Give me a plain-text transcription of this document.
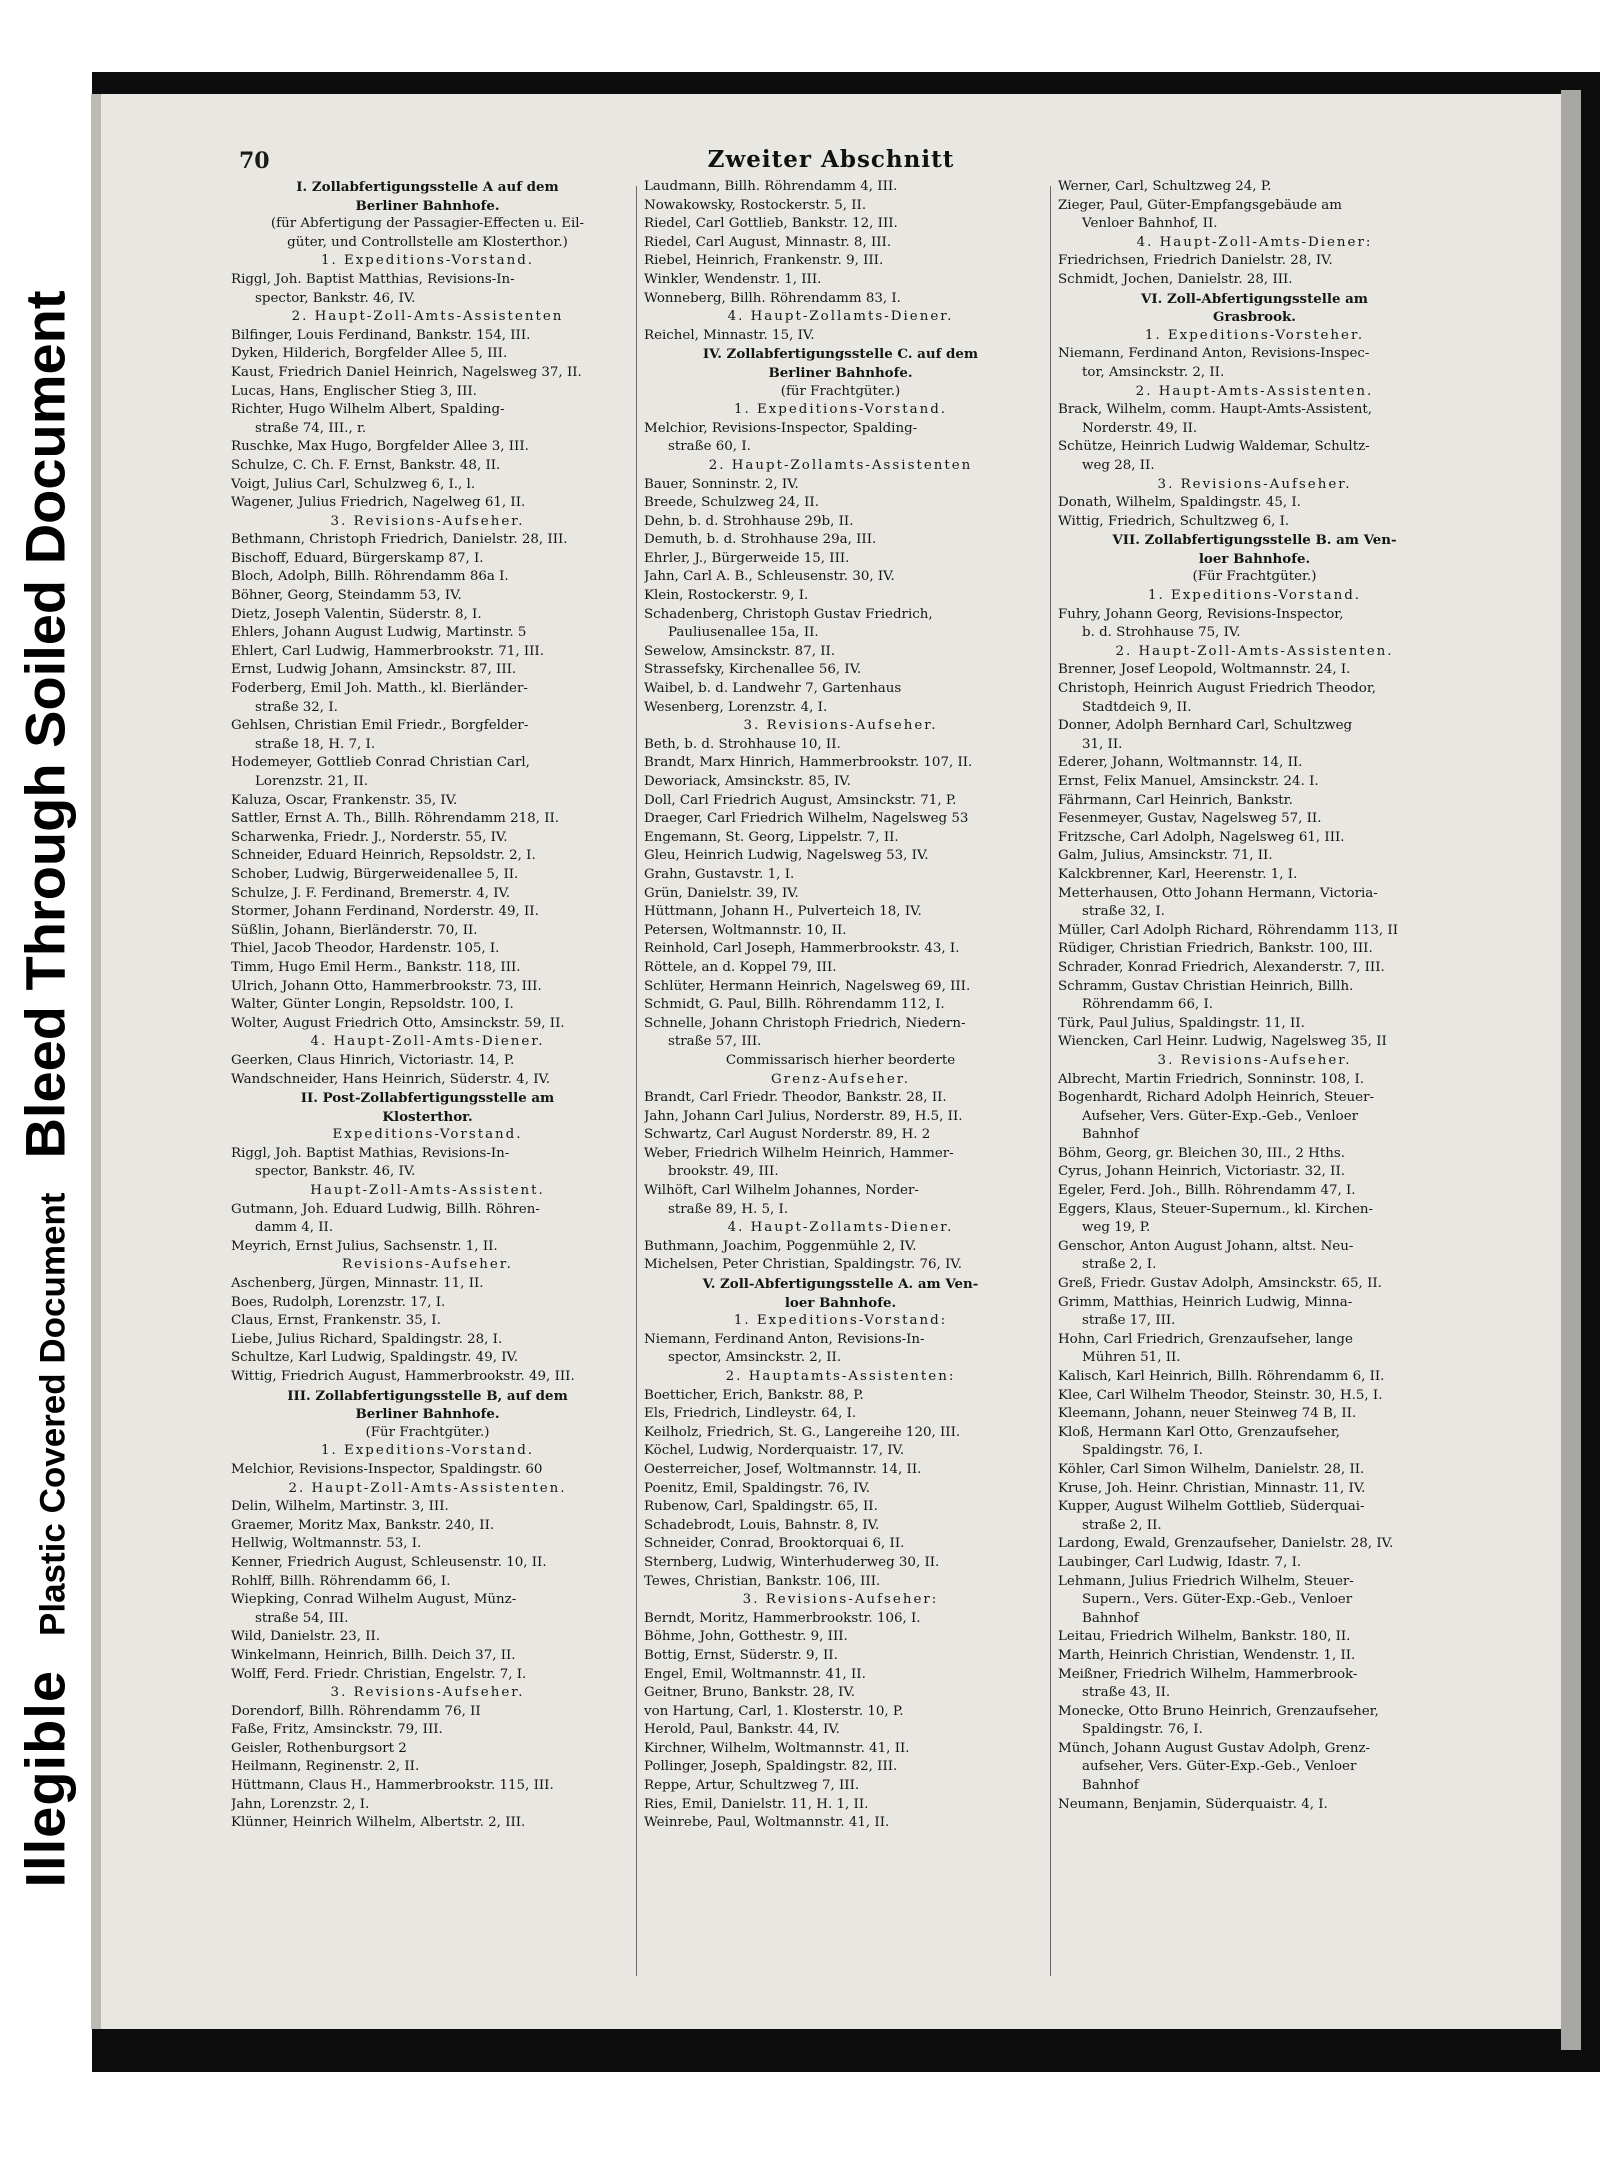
Illegible
Plastic Covered Document
Bleed Through Soiled Document
70	Zweiter Abschnitt
I. Zollabfertigungsstelle A auf dem
Berliner Bahnhofe.
(für Abfertigung der Passagier-Effecten u. Eil-
güter, und Controllstelle am Klosterthor.)
1. Expeditions-Vorstand.
Riggl, Joh. Baptist Matthias, Revisions-In-
spector, Bankstr. 46, IV.
2. Haupt-Zoll-Amts-Assistenten
Bilfinger, Louis Ferdinand, Bankstr. 154, III.
Dyken, Hilderich, Borgfelder Allee 5, III.
Kaust, Friedrich Daniel Heinrich, Nagelsweg 37, II.
Lucas, Hans, Englischer Stieg 3, III.
Richter, Hugo Wilhelm Albert, Spalding-
straße 74, III., r.
Ruschke, Max Hugo, Borgfelder Allee 3, III.
Schulze, C. Ch. F. Ernst, Bankstr. 48, II.
Voigt, Julius Carl, Schulzweg 6, I., l.
Wagener, Julius Friedrich, Nagelweg 61, II.
3. Revisions-Aufseher.
Bethmann, Christoph Friedrich, Danielstr. 28, III.
Bischoff, Eduard, Bürgerskamp 87, I.
Bloch, Adolph, Billh. Röhrendamm 86a I.
Böhner, Georg, Steindamm 53, IV.
Dietz, Joseph Valentin, Süderstr. 8, I.
Ehlers, Johann August Ludwig, Martinstr. 5
Ehlert, Carl Ludwig, Hammerbrookstr. 71, III.
Ernst, Ludwig Johann, Amsinckstr. 87, III.
Foderberg, Emil Joh. Matth., kl. Bierländer-
straße 32, I.
Gehlsen, Christian Emil Friedr., Borgfelder-
straße 18, H. 7, I.
Hodemeyer, Gottlieb Conrad Christian Carl,
Lorenzstr. 21, II.
Kaluza, Oscar, Frankenstr. 35, IV.
Sattler, Ernst A. Th., Billh. Röhrendamm 218, II.
Scharwenka, Friedr. J., Norderstr. 55, IV.
Schneider, Eduard Heinrich, Repsoldstr. 2, I.
Schober, Ludwig, Bürgerweidenallee 5, II.
Schulze, J. F. Ferdinand, Bremerstr. 4, IV.
Stormer, Johann Ferdinand, Norderstr. 49, II.
Süßlin, Johann, Bierländerstr. 70, II.
Thiel, Jacob Theodor, Hardenstr. 105, I.
Timm, Hugo Emil Herm., Bankstr. 118, III.
Ulrich, Johann Otto, Hammerbrookstr. 73, III.
Walter, Günter Longin, Repsoldstr. 100, I.
Wolter, August Friedrich Otto, Amsinckstr. 59, II.
4. Haupt-Zoll-Amts-Diener.
Geerken, Claus Hinrich, Victoriastr. 14, P.
Wandschneider, Hans Heinrich, Süderstr. 4, IV.
II. Post-Zollabfertigungsstelle am
Klosterthor.
Expeditions-Vorstand.
Riggl, Joh. Baptist Mathias, Revisions-In-
spector, Bankstr. 46, IV.
Haupt-Zoll-Amts-Assistent.
Gutmann, Joh. Eduard Ludwig, Billh. Röhren-
damm 4, II.
Meyrich, Ernst Julius, Sachsenstr. 1, II.
Revisions-Aufseher.
Aschenberg, Jürgen, Minnastr. 11, II.
Boes, Rudolph, Lorenzstr. 17, I.
Claus, Ernst, Frankenstr. 35, I.
Liebe, Julius Richard, Spaldingstr. 28, I.
Schultze, Karl Ludwig, Spaldingstr. 49, IV.
Wittig, Friedrich August, Hammerbrookstr. 49, III.
III. Zollabfertigungsstelle B, auf dem
Berliner Bahnhofe.
(Für Frachtgüter.)
1. Expeditions-Vorstand.
Melchior, Revisions-Inspector, Spaldingstr. 60
2. Haupt-Zoll-Amts-Assistenten.
Delin, Wilhelm, Martinstr. 3, III.
Graemer, Moritz Max, Bankstr. 240, II.
Hellwig, Woltmannstr. 53, I.
Kenner, Friedrich August, Schleusenstr. 10, II.
Rohlff, Billh. Röhrendamm 66, I.
Wiepking, Conrad Wilhelm August, Münz-
straße 54, III.
Wild, Danielstr. 23, II.
Winkelmann, Heinrich, Billh. Deich 37, II.
Wolff, Ferd. Friedr. Christian, Engelstr. 7, I.
3. Revisions-Aufseher.
Dorendorf, Billh. Röhrendamm 76, II
Faße, Fritz, Amsinckstr. 79, III.
Geisler, Rothenburgsort 2
Heilmann, Reginenstr. 2, II.
Hüttmann, Claus H., Hammerbrookstr. 115, III.
Jahn, Lorenzstr. 2, I.
Klünner, Heinrich Wilhelm, Albertstr. 2, III.
Laudmann, Billh. Röhrendamm 4, III.
Nowakowsky, Rostockerstr. 5, II.
Riedel, Carl Gottlieb, Bankstr. 12, III.
Riedel, Carl August, Minnastr. 8, III.
Riebel, Heinrich, Frankenstr. 9, III.
Winkler, Wendenstr. 1, III.
Wonneberg, Billh. Röhrendamm 83, I.
4. Haupt-Zollamts-Diener.
Reichel, Minnastr. 15, IV.
IV. Zollabfertigungsstelle C. auf dem
Berliner Bahnhofe.
(für Frachtgüter.)
1. Expeditions-Vorstand.
Melchior, Revisions-Inspector, Spalding-
straße 60, I.
2. Haupt-Zollamts-Assistenten
Bauer, Sonninstr. 2, IV.
Breede, Schulzweg 24, II.
Dehn, b. d. Strohhause 29b, II.
Demuth, b. d. Strohhause 29a, III.
Ehrler, J., Bürgerweide 15, III.
Jahn, Carl A. B., Schleusenstr. 30, IV.
Klein, Rostockerstr. 9, I.
Schadenberg, Christoph Gustav Friedrich,
Pauliusenallee 15a, II.
Sewelow, Amsinckstr. 87, II.
Strassefsky, Kirchenallee 56, IV.
Waibel, b. d. Landwehr 7, Gartenhaus
Wesenberg, Lorenzstr. 4, I.
3. Revisions-Aufseher.
Beth, b. d. Strohhause 10, II.
Brandt, Marx Hinrich, Hammerbrookstr. 107, II.
Deworiack, Amsinckstr. 85, IV.
Doll, Carl Friedrich August, Amsinckstr. 71, P.
Draeger, Carl Friedrich Wilhelm, Nagelsweg 53
Engemann, St. Georg, Lippelstr. 7, II.
Gleu, Heinrich Ludwig, Nagelsweg 53, IV.
Grahn, Gustavstr. 1, I.
Grün, Danielstr. 39, IV.
Hüttmann, Johann H., Pulverteich 18, IV.
Petersen, Woltmannstr. 10, II.
Reinhold, Carl Joseph, Hammerbrookstr. 43, I.
Röttele, an d. Koppel 79, III.
Schlüter, Hermann Heinrich, Nagelsweg 69, III.
Schmidt, G. Paul, Billh. Röhrendamm 112, I.
Schnelle, Johann Christoph Friedrich, Niedern-
straße 57, III.
Commissarisch hierher beorderte
Grenz-Aufseher.
Brandt, Carl Friedr. Theodor, Bankstr. 28, II.
Jahn, Johann Carl Julius, Norderstr. 89, H.5, II.
Schwartz, Carl August Norderstr. 89, H. 2
Weber, Friedrich Wilhelm Heinrich, Hammer-
brookstr. 49, III.
Wilhöft, Carl Wilhelm Johannes, Norder-
straße 89, H. 5, I.
4. Haupt-Zollamts-Diener.
Buthmann, Joachim, Poggenmühle 2, IV.
Michelsen, Peter Christian, Spaldingstr. 76, IV.
V. Zoll-Abfertigungsstelle A. am Ven-
loer Bahnhofe.
1. Expeditions-Vorstand:
Niemann, Ferdinand Anton, Revisions-In-
spector, Amsinckstr. 2, II.
2. Hauptamts-Assistenten:
Boetticher, Erich, Bankstr. 88, P.
Els, Friedrich, Lindleystr. 64, I.
Keilholz, Friedrich, St. G., Langereihe 120, III.
Köchel, Ludwig, Norderquaistr. 17, IV.
Oesterreicher, Josef, Woltmannstr. 14, II.
Poenitz, Emil, Spaldingstr. 76, IV.
Rubenow, Carl, Spaldingstr. 65, II.
Schadebrodt, Louis, Bahnstr. 8, IV.
Schneider, Conrad, Brooktorquai 6, II.
Sternberg, Ludwig, Winterhuderweg 30, II.
Tewes, Christian, Bankstr. 106, III.
3. Revisions-Aufseher:
Berndt, Moritz, Hammerbrookstr. 106, I.
Böhme, John, Gotthestr. 9, III.
Bottig, Ernst, Süderstr. 9, II.
Engel, Emil, Woltmannstr. 41, II.
Geitner, Bruno, Bankstr. 28, IV.
von Hartung, Carl, 1. Klosterstr. 10, P.
Herold, Paul, Bankstr. 44, IV.
Kirchner, Wilhelm, Woltmannstr. 41, II.
Pollinger, Joseph, Spaldingstr. 82, III.
Reppe, Artur, Schultzweg 7, III.
Ries, Emil, Danielstr. 11, H. 1, II.
Weinrebe, Paul, Woltmannstr. 41, II.
Werner, Carl, Schultzweg 24, P.
Zieger, Paul, Güter-Empfangsgebäude am
Venloer Bahnhof, II.
4. Haupt-Zoll-Amts-Diener:
Friedrichsen, Friedrich Danielstr. 28, IV.
Schmidt, Jochen, Danielstr. 28, III.
VI. Zoll-Abfertigungsstelle am
Grasbrook.
1. Expeditions-Vorsteher.
Niemann, Ferdinand Anton, Revisions-Inspec-
tor, Amsinckstr. 2, II.
2. Haupt-Amts-Assistenten.
Brack, Wilhelm, comm. Haupt-Amts-Assistent,
Norderstr. 49, II.
Schütze, Heinrich Ludwig Waldemar, Schultz-
weg 28, II.
3. Revisions-Aufseher.
Donath, Wilhelm, Spaldingstr. 45, I.
Wittig, Friedrich, Schultzweg 6, I.
VII. Zollabfertigungsstelle B. am Ven-
loer Bahnhofe.
(Für Frachtgüter.)
1. Expeditions-Vorstand.
Fuhry, Johann Georg, Revisions-Inspector,
b. d. Strohhause 75, IV.
2. Haupt-Zoll-Amts-Assistenten.
Brenner, Josef Leopold, Woltmannstr. 24, I.
Christoph, Heinrich August Friedrich Theodor,
Stadtdeich 9, II.
Donner, Adolph Bernhard Carl, Schultzweg
31, II.
Ederer, Johann, Woltmannstr. 14, II.
Ernst, Felix Manuel, Amsinckstr. 24. I.
Fährmann, Carl Heinrich, Bankstr.
Fesenmeyer, Gustav, Nagelsweg 57, II.
Fritzsche, Carl Adolph, Nagelsweg 61, III.
Galm, Julius, Amsinckstr. 71, II.
Kalckbrenner, Karl, Heerenstr. 1, I.
Metterhausen, Otto Johann Hermann, Victoria-
straße 32, I.
Müller, Carl Adolph Richard, Röhrendamm 113, II
Rüdiger, Christian Friedrich, Bankstr. 100, III.
Schrader, Konrad Friedrich, Alexanderstr. 7, III.
Schramm, Gustav Christian Heinrich, Billh.
Röhrendamm 66, I.
Türk, Paul Julius, Spaldingstr. 11, II.
Wiencken, Carl Heinr. Ludwig, Nagelsweg 35, II
3. Revisions-Aufseher.
Albrecht, Martin Friedrich, Sonninstr. 108, I.
Bogenhardt, Richard Adolph Heinrich, Steuer-
Aufseher, Vers. Güter-Exp.-Geb., Venloer
Bahnhof
Böhm, Georg, gr. Bleichen 30, III., 2 Hths.
Cyrus, Johann Heinrich, Victoriastr. 32, II.
Egeler, Ferd. Joh., Billh. Röhrendamm 47, I.
Eggers, Klaus, Steuer-Supernum., kl. Kirchen-
weg 19, P.
Genschor, Anton August Johann, altst. Neu-
straße 2, I.
Greß, Friedr. Gustav Adolph, Amsinckstr. 65, II.
Grimm, Matthias, Heinrich Ludwig, Minna-
straße 17, III.
Hohn, Carl Friedrich, Grenzaufseher, lange
Mühren 51, II.
Kalisch, Karl Heinrich, Billh. Röhrendamm 6, II.
Klee, Carl Wilhelm Theodor, Steinstr. 30, H.5, I.
Kleemann, Johann, neuer Steinweg 74 B, II.
Kloß, Hermann Karl Otto, Grenzaufseher,
Spaldingstr. 76, I.
Köhler, Carl Simon Wilhelm, Danielstr. 28, II.
Kruse, Joh. Heinr. Christian, Minnastr. 11, IV.
Kupper, August Wilhelm Gottlieb, Süderquai-
straße 2, II.
Lardong, Ewald, Grenzaufseher, Danielstr. 28, IV.
Laubinger, Carl Ludwig, Idastr. 7, I.
Lehmann, Julius Friedrich Wilhelm, Steuer-
Supern., Vers. Güter-Exp.-Geb., Venloer
Bahnhof
Leitau, Friedrich Wilhelm, Bankstr. 180, II.
Marth, Heinrich Christian, Wendenstr. 1, II.
Meißner, Friedrich Wilhelm, Hammerbrook-
straße 43, II.
Monecke, Otto Bruno Heinrich, Grenzaufseher,
Spaldingstr. 76, I.
Münch, Johann August Gustav Adolph, Grenz-
aufseher, Vers. Güter-Exp.-Geb., Venloer
Bahnhof
Neumann, Benjamin, Süderquaistr. 4, I.
